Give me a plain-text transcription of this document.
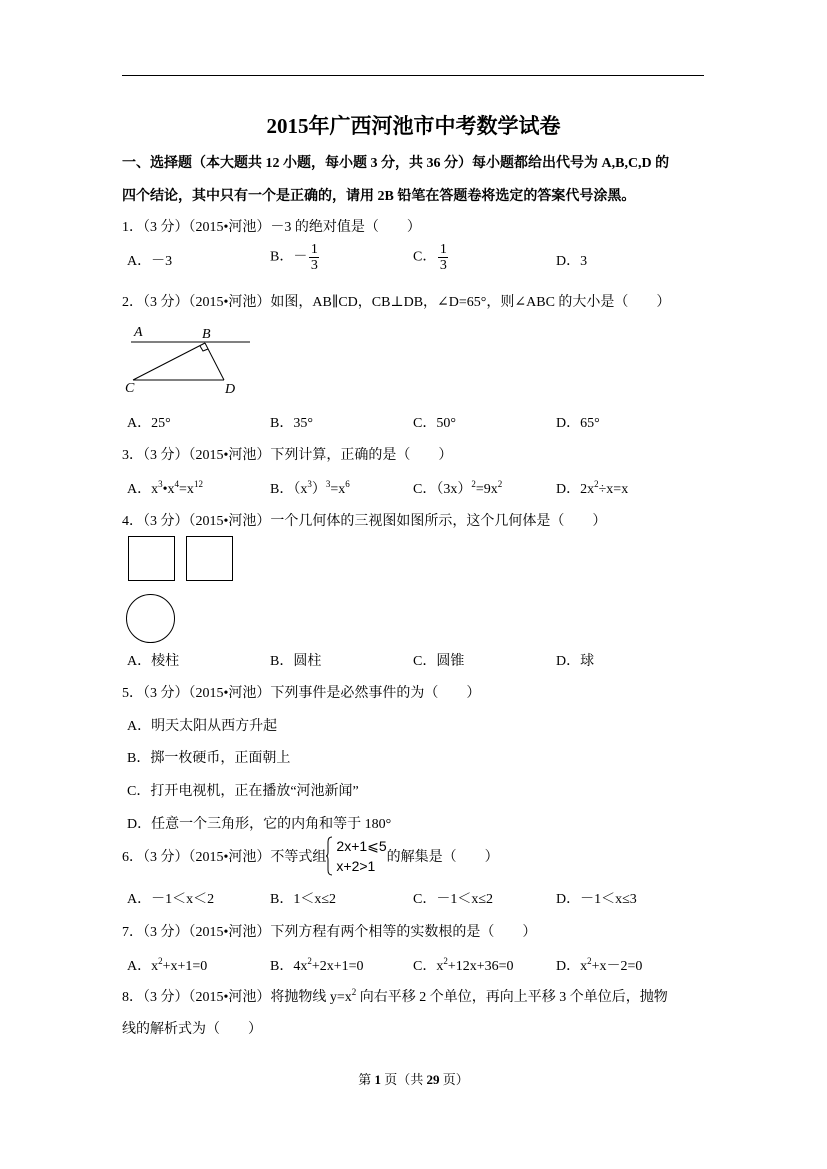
2015年广西河池市中考数学试卷
一、选择题（本大题共 12 小题，每小题 3 分，共 36 分）每小题都给出代号为 A,B,C,D 的
四个结论，其中只有一个是正确的，请用 2B 铅笔在答题卷将选定的答案代号涂黑。
1．（3 分）（2015•河池）－3 的绝对值是（　　）
A．－3	B．－ $\frac{1}{3}$	C． $\frac{1}{3}$	D．3
2．（3 分）（2015•河池）如图，AB∥CD，CB⊥DB，∠D=65°，则∠ABC 的大小是（　　）
A	B
C	D
A．25°	B．35°	C．50°	D．65°
3．（3 分）（2015•河池）下列计算，正确的是（　　）
A．$x^3•x^4=x^{12}$	B．$(x^3)^3=x^6$	C．$(3x)^2=9x^2$	D．$2x^2\div x=x$
4．（3 分）（2015•河池）一个几何体的三视图如图所示，这个几何体是（　　）
A．棱柱	B．圆柱	C．圆锥	D．球
5．（3 分）（2015•河池）下列事件是必然事件的为（　　）
A．明天太阳从西方升起
B．掷一枚硬币，正面朝上
C．打开电视机，正在播放“河池新闻”
D．任意一个三角形，它的内角和等于 180°
6．（3 分）（2015•河池）不等式组
2x+1⩽5
x+2>1
的解集是（　　）
A．－1＜x＜2	B．1＜x≤2	C．－1＜x≤2	D．－1＜x≤3
7．（3 分）（2015•河池）下列方程有两个相等的实数根的是（　　）
A．$x^2+x+1=0$	B．$4x^2+2x+1=0$	C．$x^2+12x+36=0$	D．$x^2+x-2=0$
8．（3 分）（2015•河池）将抛物线 $y=x^2$ 向右平移 2 个单位，再向上平移 3 个单位后，抛物
线的解析式为（　　）
第 1 页（共 29 页）
